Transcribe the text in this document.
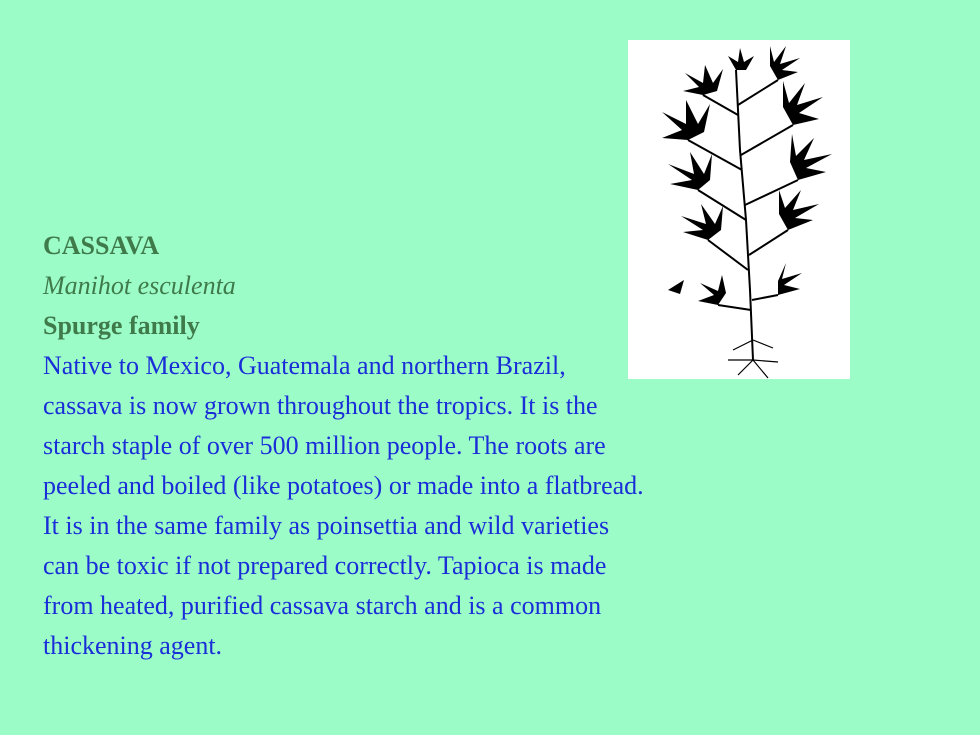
CASSAVA
Manihot esculenta
Spurge family
Native to Mexico, Guatemala and northern Brazil,
cassava is now grown throughout the tropics. It is the
starch staple of over 500 million people. The roots are
peeled and boiled (like potatoes) or made into a flatbread.
It is in the same family as poinsettia and wild varieties
can be toxic if not prepared correctly. Tapioca is made
from heated, purified cassava starch and is a common
thickening agent.
